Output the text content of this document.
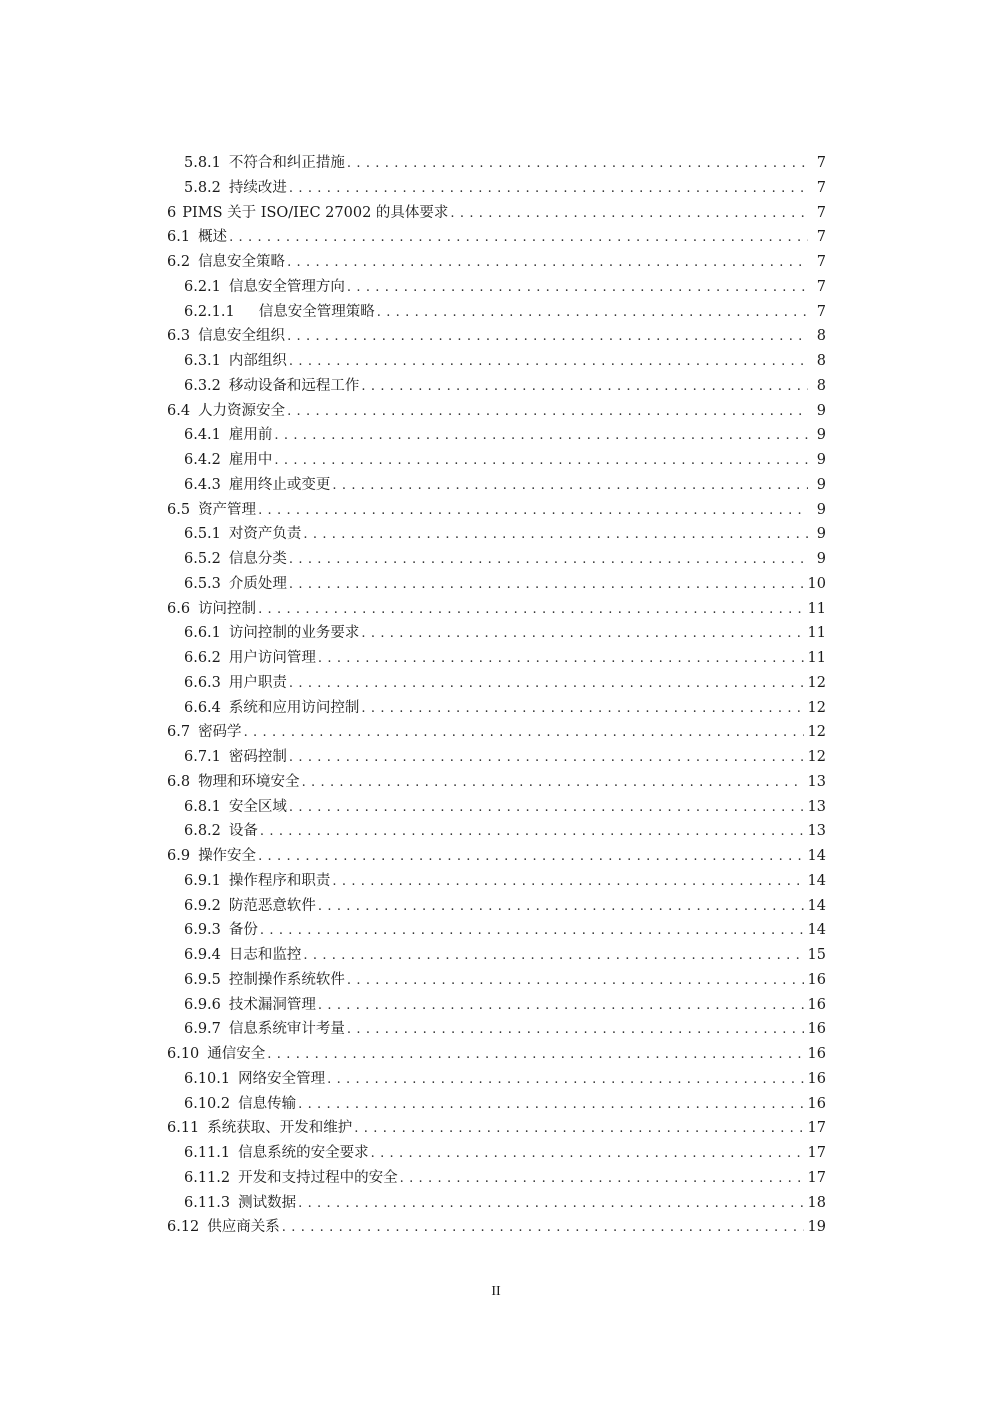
5.8.1 不符合和纠正措施 . . .	7
5.8.2 持续改进 . . .	7
6 PIMS 关于 ISO/IEC 27002 的具体要求 . . .	7
6.1 概述 . . .	7
6.2 信息安全策略 . . .	7
6.2.1 信息安全管理方向 . . .	7
6.2.1.1 信息安全管理策略 . . .	7
6.3 信息安全组织 . . .	8
6.3.1 内部组织 . . .	8
6.3.2 移动设备和远程工作 . . .	8
6.4 人力资源安全 . . .	9
6.4.1 雇用前 . . .	9
6.4.2 雇用中 . . .	9
6.4.3 雇用终止或变更 . . .	9
6.5 资产管理 . . .	9
6.5.1 对资产负责 . . .	9
6.5.2 信息分类 . . .	9
6.5.3 介质处理 . . .	10
6.6 访问控制 . . .	11
6.6.1 访问控制的业务要求 . . .	11
6.6.2 用户访问管理 . . .	11
6.6.3 用户职责 . . .	12
6.6.4 系统和应用访问控制 . . .	12
6.7 密码学 . . .	12
6.7.1 密码控制 . . .	12
6.8 物理和环境安全 . . .	13
6.8.1 安全区域 . . .	13
6.8.2 设备 . . .	13
6.9 操作安全 . . .	14
6.9.1 操作程序和职责 . . .	14
6.9.2 防范恶意软件 . . .	14
6.9.3 备份 . . .	14
6.9.4 日志和监控 . . .	15
6.9.5 控制操作系统软件 . . .	16
6.9.6 技术漏洞管理 . . .	16
6.9.7 信息系统审计考量 . . .	16
6.10 通信安全 . . .	16
6.10.1 网络安全管理 . . .	16
6.10.2 信息传输 . . .	16
6.11 系统获取、开发和维护 . . .	17
6.11.1 信息系统的安全要求 . . .	17
6.11.2 开发和支持过程中的安全 . . .	17
6.11.3 测试数据 . . .	18
6.12 供应商关系 . . .	19
II
